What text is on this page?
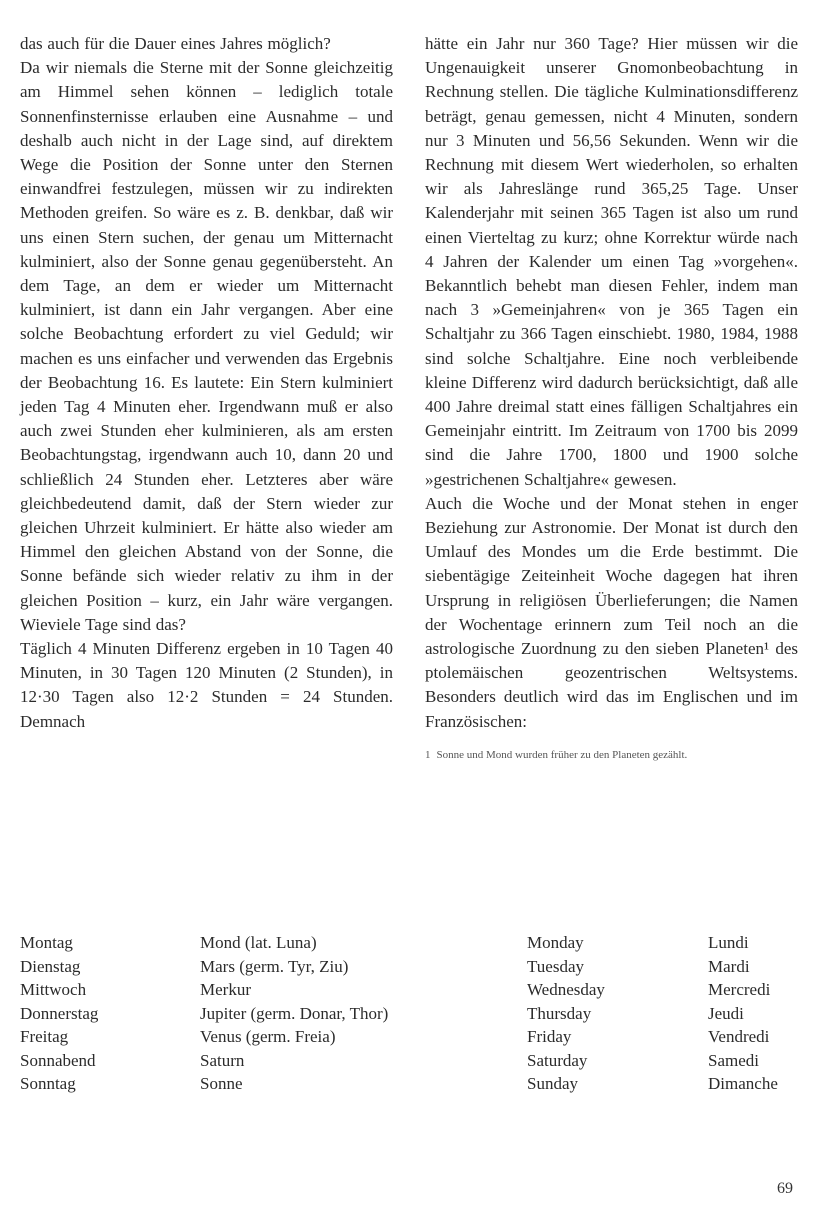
das auch für die Dauer eines Jahres möglich?

Da wir niemals die Sterne mit der Sonne gleichzeitig am Himmel sehen können – lediglich totale Sonnenfinsternisse erlauben eine Ausnahme – und deshalb auch nicht in der Lage sind, auf direktem Wege die Position der Sonne unter den Sternen einwandfrei festzulegen, müssen wir zu indirekten Methoden greifen. So wäre es z. B. denkbar, daß wir uns einen Stern suchen, der genau um Mitternacht kulminiert, also der Sonne genau gegenübersteht. An dem Tage, an dem er wieder um Mitternacht kulminiert, ist dann ein Jahr vergangen. Aber eine solche Beobachtung erfordert zu viel Geduld; wir machen es uns einfacher und verwenden das Ergebnis der Beobachtung 16. Es lautete: Ein Stern kulminiert jeden Tag 4 Minuten eher. Irgendwann muß er also auch zwei Stunden eher kulminieren, als am ersten Beobachtungstag, irgendwann auch 10, dann 20 und schließlich 24 Stunden eher. Letzteres aber wäre gleichbedeutend damit, daß der Stern wieder zur gleichen Uhrzeit kulminiert. Er hätte also wieder am Himmel den gleichen Abstand von der Sonne, die Sonne befände sich wieder relativ zu ihm in der gleichen Position – kurz, ein Jahr wäre vergangen. Wieviele Tage sind das?

Täglich 4 Minuten Differenz ergeben in 10 Tagen 40 Minuten, in 30 Tagen 120 Minuten (2 Stunden), in 12·30 Tagen also 12·2 Stunden = 24 Stunden. Demnach

hätte ein Jahr nur 360 Tage? Hier müssen wir die Ungenauigkeit unserer Gnomonbeobachtung in Rechnung stellen. Die tägliche Kulminationsdifferenz beträgt, genau gemessen, nicht 4 Minuten, sondern nur 3 Minuten und 56,56 Sekunden. Wenn wir die Rechnung mit diesem Wert wiederholen, so erhalten wir als Jahreslänge rund 365,25 Tage. Unser Kalenderjahr mit seinen 365 Tagen ist also um rund einen Vierteltag zu kurz; ohne Korrektur würde nach 4 Jahren der Kalender um einen Tag »vorgehen«. Bekanntlich behebt man diesen Fehler, indem man nach 3 »Gemeinjahren« von je 365 Tagen ein Schaltjahr zu 366 Tagen einschiebt. 1980, 1984, 1988 sind solche Schaltjahre. Eine noch verbleibende kleine Differenz wird dadurch berücksichtigt, daß alle 400 Jahre dreimal statt eines fälligen Schaltjahres ein Gemeinjahr eintritt. Im Zeitraum von 1700 bis 2099 sind die Jahre 1700, 1800 und 1900 solche »gestrichenen Schaltjahre« gewesen.

Auch die Woche und der Monat stehen in enger Beziehung zur Astronomie. Der Monat ist durch den Umlauf des Mondes um die Erde bestimmt. Die siebentägige Zeiteinheit Woche dagegen hat ihren Ursprung in religiösen Überlieferungen; die Namen der Wochentage erinnern zum Teil noch an die astrologische Zuordnung zu den sieben Planeten¹ des ptolemäischen geozentrischen Weltsystems. Besonders deutlich wird das im Englischen und im Französischen:

1 Sonne und Mond wurden früher zu den Planeten gezählt.
Montag	Mond (lat. Luna)	Monday	Lundi
Dienstag	Mars (germ. Tyr, Ziu)	Tuesday	Mardi
Mittwoch	Merkur	Wednesday	Mercredi
Donnerstag	Jupiter (germ. Donar, Thor)	Thursday	Jeudi
Freitag	Venus (germ. Freia)	Friday	Vendredi
Sonnabend	Saturn	Saturday	Samedi
Sonntag	Sonne	Sunday	Dimanche
69
